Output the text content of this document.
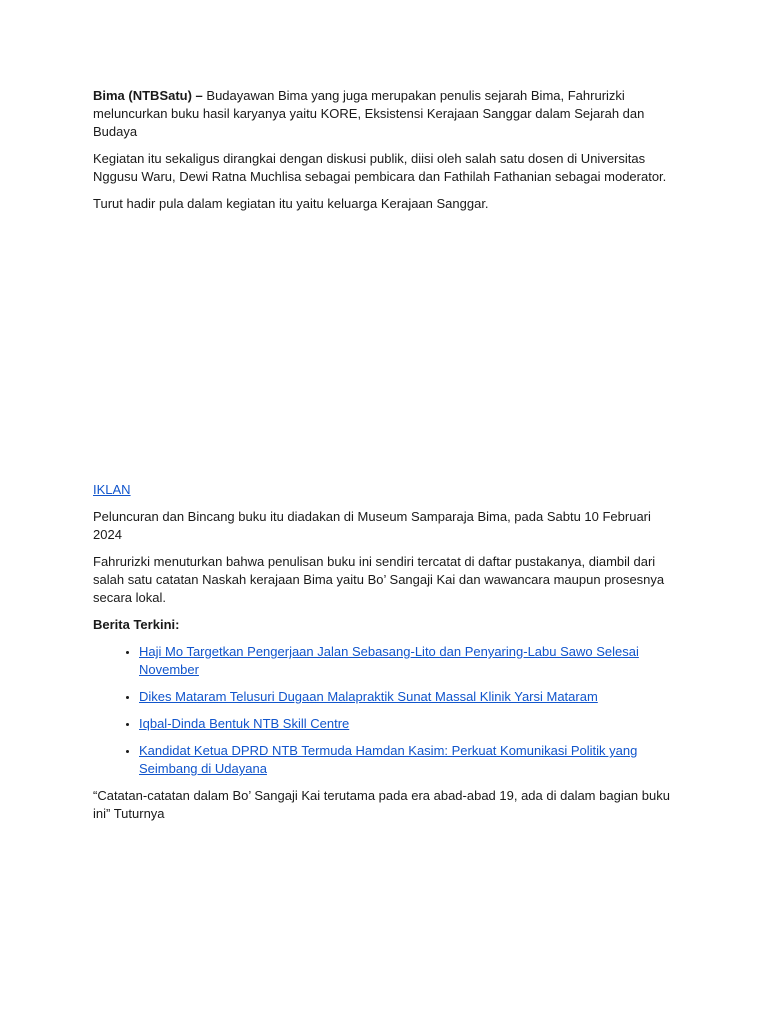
Bima (NTBSatu) – Budayawan Bima yang juga merupakan penulis sejarah Bima, Fahrurizki meluncurkan buku hasil karyanya yaitu KORE, Eksistensi Kerajaan Sanggar dalam Sejarah dan Budaya

Kegiatan itu sekaligus dirangkai dengan diskusi publik, diisi oleh salah satu dosen di Universitas Nggusu Waru, Dewi Ratna Muchlisa sebagai pembicara dan Fathilah Fathanian sebagai moderator.

Turut hadir pula dalam kegiatan itu yaitu keluarga Kerajaan Sanggar.

IKLAN

Peluncuran dan Bincang buku itu diadakan di Museum Samparaja Bima, pada Sabtu 10 Februari 2024

Fahrurizki menuturkan bahwa penulisan buku ini sendiri tercatat di daftar pustakanya, diambil dari salah satu catatan Naskah kerajaan Bima yaitu Bo’ Sangaji Kai dan wawancara maupun prosesnya secara lokal.

Berita Terkini:

• Haji Mo Targetkan Pengerjaan Jalan Sebasang-Lito dan Penyaring-Labu Sawo Selesai November
• Dikes Mataram Telusuri Dugaan Malapraktik Sunat Massal Klinik Yarsi Mataram
• Iqbal-Dinda Bentuk NTB Skill Centre
• Kandidat Ketua DPRD NTB Termuda Hamdan Kasim: Perkuat Komunikasi Politik yang Seimbang di Udayana

“Catatan-catatan dalam Bo’ Sangaji Kai terutama pada era abad-abad 19, ada di dalam bagian buku ini” Tuturnya
